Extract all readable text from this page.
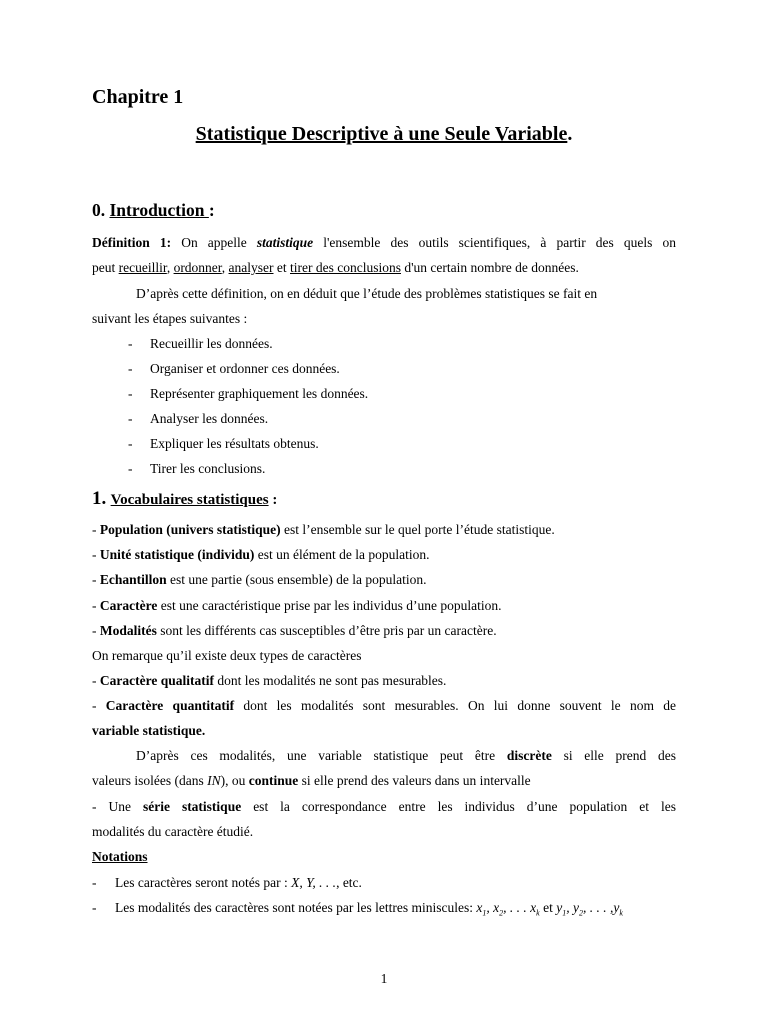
Chapitre 1
Statistique Descriptive à une Seule Variable.
0. Introduction :
Définition 1: On appelle statistique l'ensemble des outils scientifiques, à partir des quels on
peut recueillir, ordonner, analyser et tirer des conclusions d'un certain nombre de données.
D’après cette définition, on en déduit que l’étude des problèmes statistiques se fait en
suivant les étapes suivantes :
- Recueillir les données.
- Organiser et ordonner ces données.
- Représenter graphiquement les données.
- Analyser les données.
- Expliquer les résultats obtenus.
- Tirer les conclusions.
1. Vocabulaires statistiques :
- Population (univers statistique) est l’ensemble sur le quel porte l’étude statistique.
- Unité statistique (individu) est un élément de la population.
- Echantillon est une partie (sous ensemble) de la population.
- Caractère est une caractéristique prise par les individus d’une population.
- Modalités sont les différents cas susceptibles d’être pris par un caractère.
On remarque qu’il existe deux types de caractères
- Caractère qualitatif dont les modalités ne sont pas mesurables.
- Caractère quantitatif dont les modalités sont mesurables. On lui donne souvent le nom de
variable statistique.
D’après ces modalités, une variable statistique peut être discrète si elle prend des
valeurs isolées (dans IN), ou continue si elle prend des valeurs dans un intervalle
- Une série statistique est la correspondance entre les individus d’une population et les
modalités du caractère étudié.
Notations
- Les caractères seront notés par : X, Y, . . ., etc.
- Les modalités des caractères sont notées par les lettres miniscules: $x_1$, $x_2$, . . . $x_k$ et $y_1$, $y_2$, . . . $,y_k$
1
